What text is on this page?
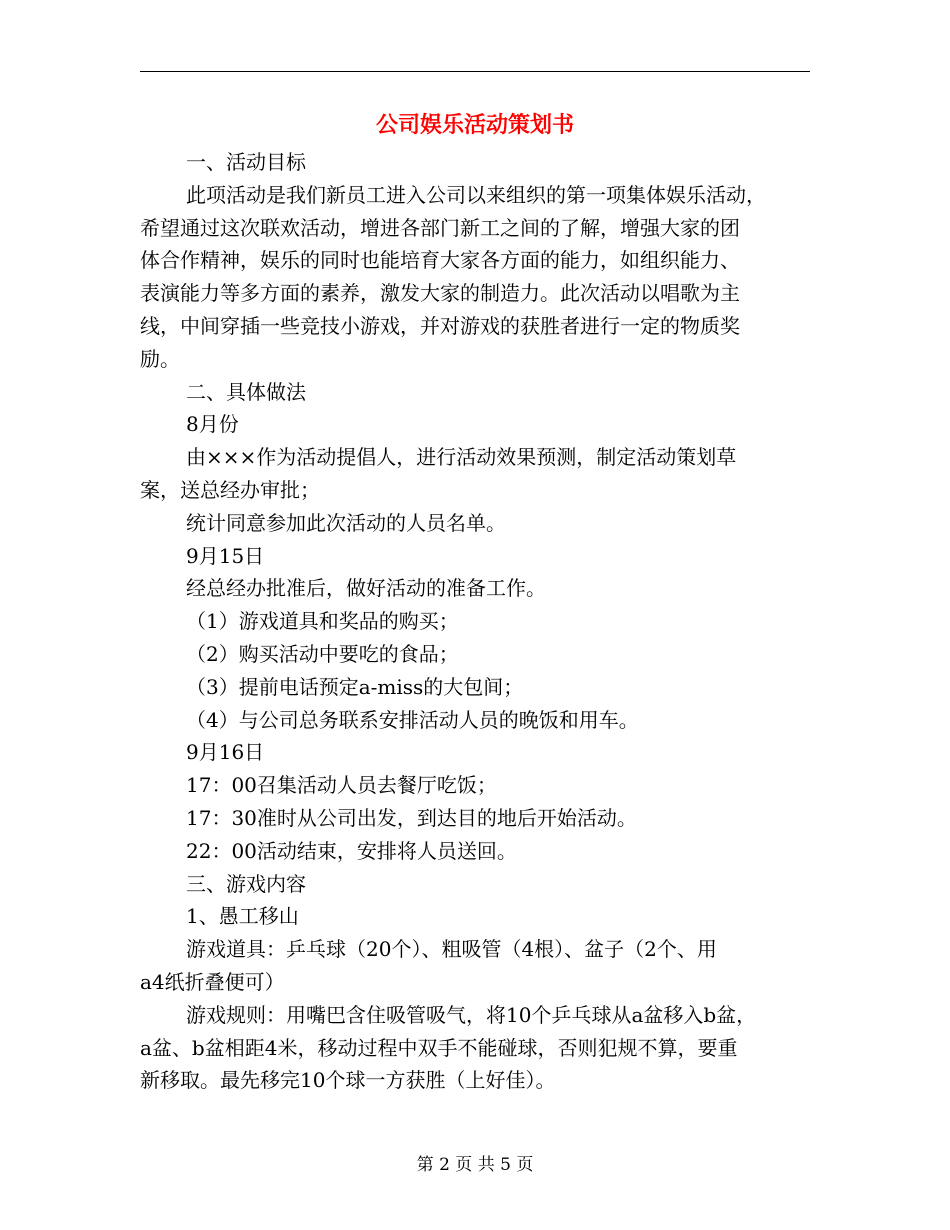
公司娱乐活动策划书
一、活动目标
此项活动是我们新员工进入公司以来组织的第一项集体娱乐活动，
希望通过这次联欢活动，增进各部门新工之间的了解，增强大家的团
体合作精神，娱乐的同时也能培育大家各方面的能力，如组织能力、
表演能力等多方面的素养，激发大家的制造力。此次活动以唱歌为主
线，中间穿插一些竞技小游戏，并对游戏的获胜者进行一定的物质奖
励。
二、具体做法
8月份
由×××作为活动提倡人，进行活动效果预测，制定活动策划草
案，送总经办审批；
统计同意参加此次活动的人员名单。
9月15日
经总经办批准后，做好活动的准备工作。
（1）游戏道具和奖品的购买；
（2）购买活动中要吃的食品；
（3）提前电话预定a-miss的大包间；
（4）与公司总务联系安排活动人员的晚饭和用车。
9月16日
17：00召集活动人员去餐厅吃饭；
17：30准时从公司出发，到达目的地后开始活动。
22：00活动结束，安排将人员送回。
三、游戏内容
1、愚工移山
游戏道具：乒乓球（20个）、粗吸管（4根）、盆子（2个、用
a4纸折叠便可）
游戏规则：用嘴巴含住吸管吸气，将10个乒乓球从a盆移入b盆，
a盆、b盆相距4米，移动过程中双手不能碰球，否则犯规不算，要重
新移取。最先移完10个球一方获胜（上好佳）。
第 2 页 共 5 页
